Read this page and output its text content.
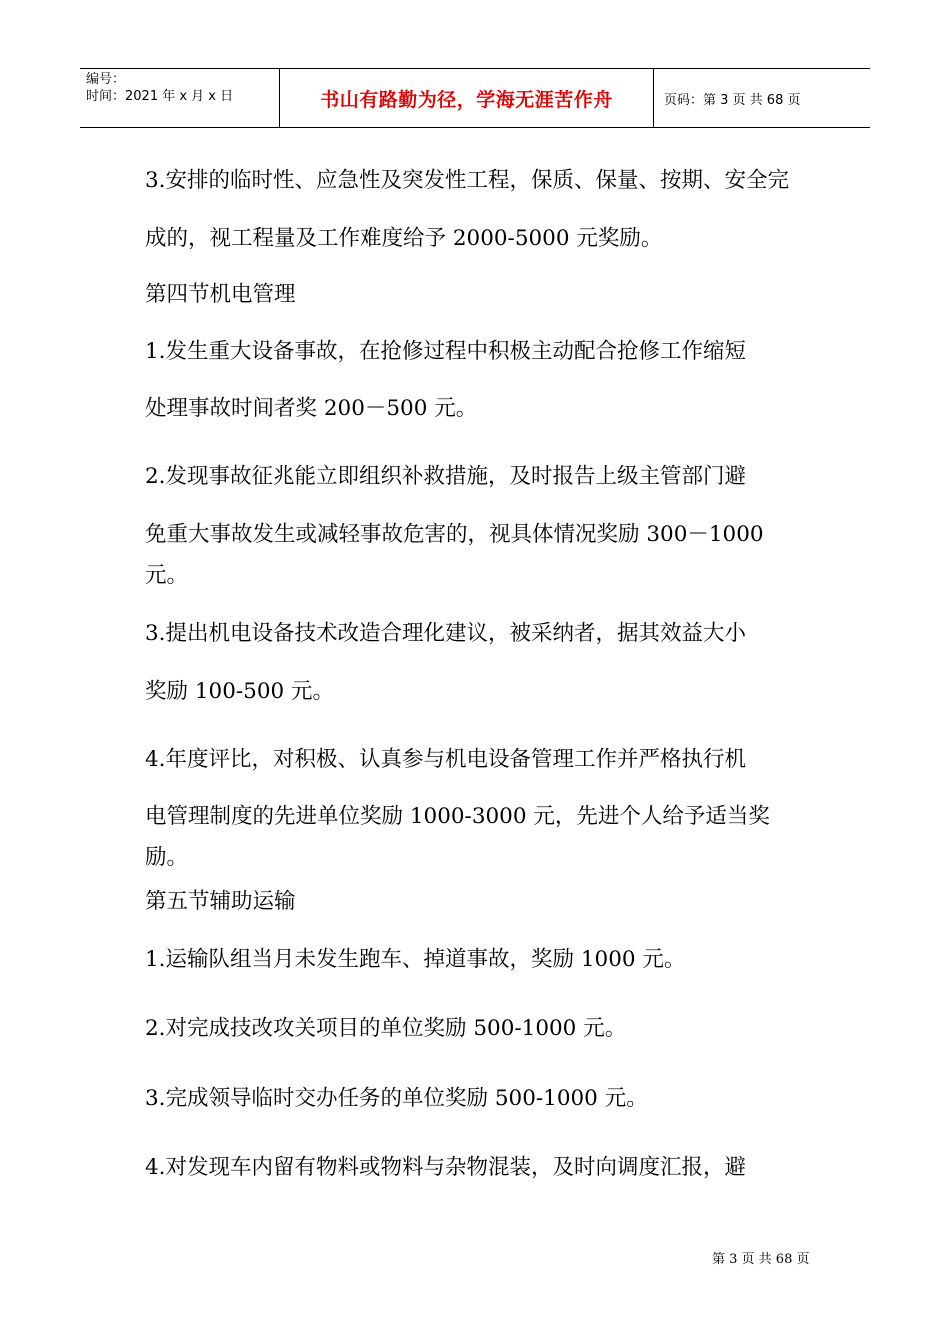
编号：
时间：2021 年 x 月 x 日	书山有路勤为径，学海无涯苦作舟	页码：第 3 页 共 68 页
3.安排的临时性、应急性及突发性工程，保质、保量、按期、安全完
成的，视工程量及工作难度给予 2000-5000 元奖励。
第四节机电管理
1.发生重大设备事故，在抢修过程中积极主动配合抢修工作缩短
处理事故时间者奖 200－500 元。
2.发现事故征兆能立即组织补救措施，及时报告上级主管部门避
免重大事故发生或减轻事故危害的，视具体情况奖励 300－1000
元。
3.提出机电设备技术改造合理化建议，被采纳者，据其效益大小
奖励 100-500 元。
4.年度评比，对积极、认真参与机电设备管理工作并严格执行机
电管理制度的先进单位奖励 1000-3000 元，先进个人给予适当奖
励。
第五节辅助运输
1.运输队组当月未发生跑车、掉道事故，奖励 1000 元。
2.对完成技改攻关项目的单位奖励 500-1000 元。
3.完成领导临时交办任务的单位奖励 500-1000 元。
4.对发现车内留有物料或物料与杂物混装，及时向调度汇报，避
第 3 页 共 68 页
